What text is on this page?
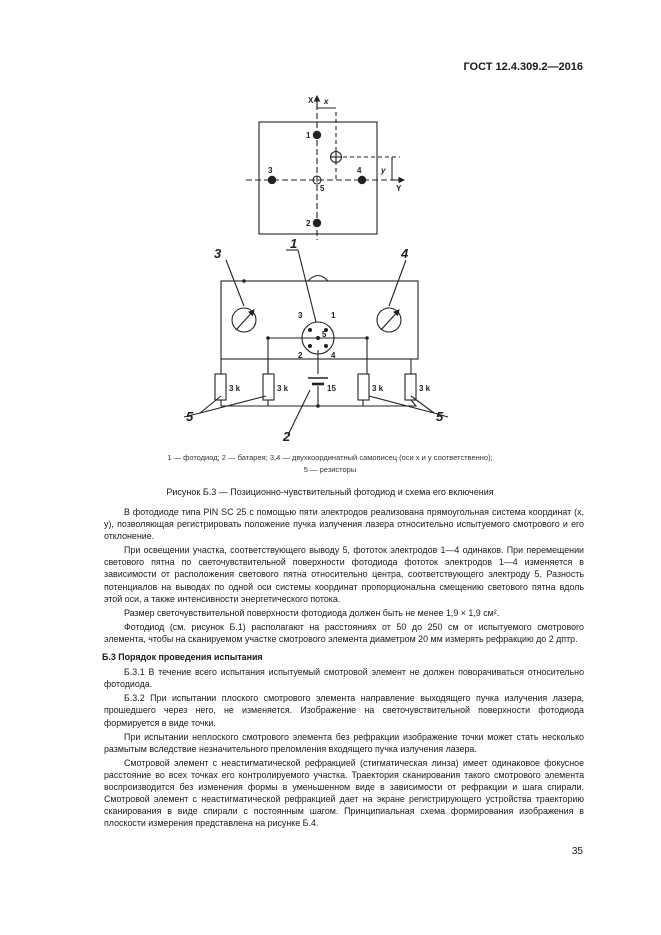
ГОСТ 12.4.309.2—2016
X
Y
x
y
1
2
3	4
5
3	1
5
2	4
3 k	3 k	3 k	3 k
15
1
2
3	4
5	5
1 — фотодиод; 2 — батарея; 3,4 — двухкоординатный самописец (оси x и y соответственно);
5 — резисторы
Рисунок Б.3 — Позиционно-чувствительный фотодиод и схема его включения

В фотодиоде типа PIN SC 25 с помощью пяти электродов реализована прямоугольная система координат (x, y), позволяющая регистрировать положение пучка излучения лазера относительно испытуемого смотрового и его отклонение.

При освещении участка, соответствующего выводу 5, фототок электродов 1—4 одинаков. При перемещении светового пятна по светочувствительной поверхности фотодиода фототок электродов 1—4 изменяется в зависимости от расположения светового пятна относительно центра, соответствующего электроду 5. Разность потенциалов на выводах по одной оси системы координат пропорциональна смещению светового пятна вдоль этой оси, а также интенсивности энергетического потока.

Размер светочувствительной поверхности фотодиода должен быть не менее 1,9 × 1,9 см².

Фотодиод (см. рисунок Б.1) располагают на расстояниях от 50 до 250 см от испытуемого смотрового элемента, чтобы на сканируемом участке смотрового элемента диаметром 20 мм измерять рефракцию до 2 дптр.

Б.3 Порядок проведения испытания

Б.3.1 В течение всего испытания испытуемый смотровой элемент не должен поворачиваться относительно фотодиода.

Б.3.2 При испытании плоского смотрового элемента направление выходящего пучка излучения лазера, прошедшего через него, не изменяется. Изображение на светочувствительной поверхности фотодиода формируется в виде точки.

При испытании неплоского смотрового элемента без рефракции изображение точки может стать несколько размытым вследствие незначительного преломления входящего пучка излучения лазера.

Смотровой элемент с неастигматической рефракцией (стигматическая линза) имеет одинаковое фокусное расстояние во всех точках его контролируемого участка. Траектория сканирования такого смотрового элемента воспроизводится без изменения формы в уменьшенном виде в зависимости от рефракции и шага спирали. Смотровой элемент с неастигматической рефракцией дает на экране регистрирующего устройства траекторию сканирования в виде спирали с постоянным шагом. Принципиальная схема формирования изображения в плоскости измерения представлена на рисунке Б.4.

35
